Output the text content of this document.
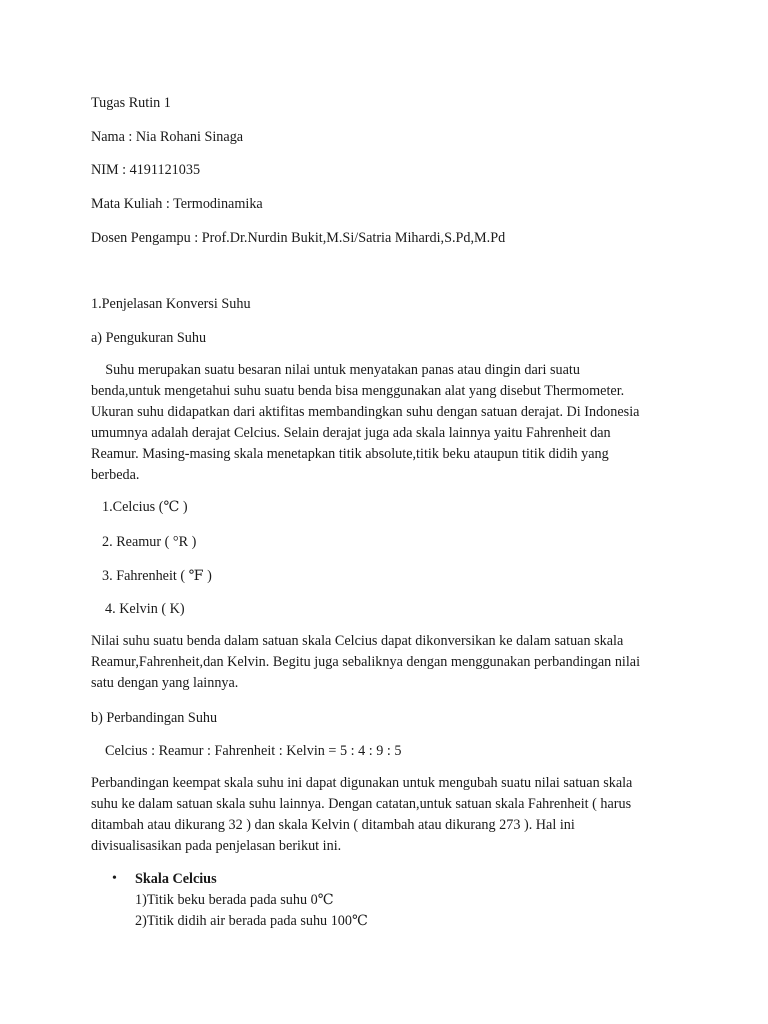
Tugas Rutin 1
Nama : Nia Rohani Sinaga
NIM : 4191121035
Mata Kuliah : Termodinamika
Dosen Pengampu : Prof.Dr.Nurdin Bukit,M.Si/Satria Mihardi,S.Pd,M.Pd
1.Penjelasan Konversi Suhu
a) Pengukuran Suhu
Suhu merupakan suatu besaran nilai untuk menyatakan panas atau dingin dari suatu
benda,untuk mengetahui suhu suatu benda bisa menggunakan alat yang disebut Thermometer.
Ukuran suhu didapatkan dari aktifitas membandingkan suhu dengan satuan derajat. Di Indonesia
umumnya adalah derajat Celcius. Selain derajat juga ada skala lainnya yaitu Fahrenheit dan
Reamur. Masing-masing skala menetapkan titik absolute,titik beku ataupun titik didih yang
berbeda.
1.Celcius (℃ )
2. Reamur ( °R )
3. Fahrenheit ( ℉ )
4. Kelvin ( K)
Nilai suhu suatu benda dalam satuan skala Celcius dapat dikonversikan ke dalam satuan skala
Reamur,Fahrenheit,dan Kelvin. Begitu juga sebaliknya dengan menggunakan perbandingan nilai
satu dengan yang lainnya.
b) Perbandingan Suhu
Celcius : Reamur : Fahrenheit : Kelvin = 5 : 4 : 9 : 5
Perbandingan keempat skala suhu ini dapat digunakan untuk mengubah suatu nilai satuan skala
suhu ke dalam satuan skala suhu lainnya. Dengan catatan,untuk satuan skala Fahrenheit ( harus
ditambah atau dikurang 32 ) dan skala Kelvin ( ditambah atau dikurang 273 ). Hal ini
divisualisasikan pada penjelasan berikut ini.
• Skala Celcius
1)Titik beku berada pada suhu 0℃
2)Titik didih air berada pada suhu 100℃
